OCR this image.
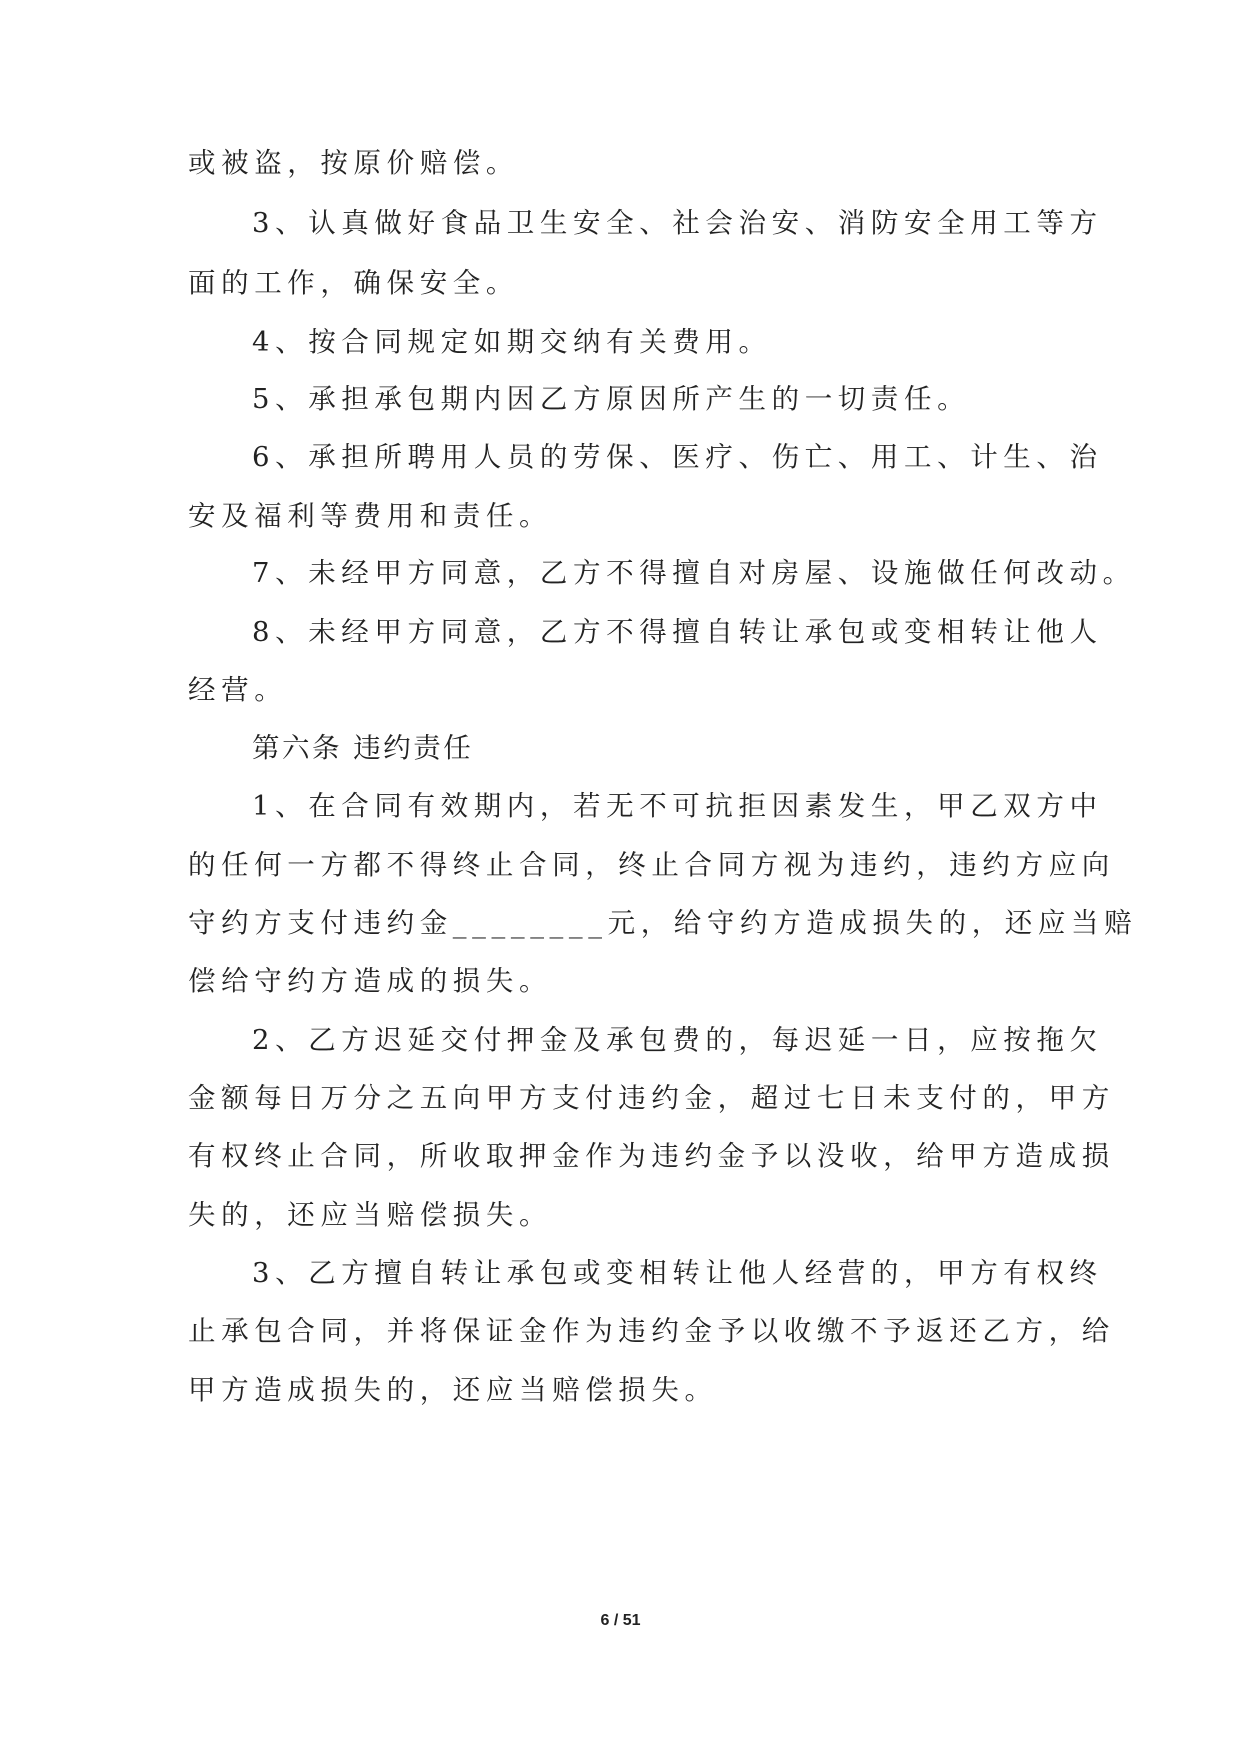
或被盗，按原价赔偿。
3、认真做好食品卫生安全、社会治安、消防安全用工等方
面的工作，确保安全。
4、按合同规定如期交纳有关费用。
5、承担承包期内因乙方原因所产生的一切责任。
6、承担所聘用人员的劳保、医疗、伤亡、用工、计生、治
安及福利等费用和责任。
7、未经甲方同意，乙方不得擅自对房屋、设施做任何改动。
8、未经甲方同意，乙方不得擅自转让承包或变相转让他人
经营。
第六条 违约责任
1、在合同有效期内，若无不可抗拒因素发生，甲乙双方中
的任何一方都不得终止合同，终止合同方视为违约，违约方应向
守约方支付违约金________元，给守约方造成损失的，还应当赔
偿给守约方造成的损失。
2、乙方迟延交付押金及承包费的，每迟延一日，应按拖欠
金额每日万分之五向甲方支付违约金，超过七日未支付的，甲方
有权终止合同，所收取押金作为违约金予以没收，给甲方造成损
失的，还应当赔偿损失。
3、乙方擅自转让承包或变相转让他人经营的，甲方有权终
止承包合同，并将保证金作为违约金予以收缴不予返还乙方，给
甲方造成损失的，还应当赔偿损失。
6 / 51
